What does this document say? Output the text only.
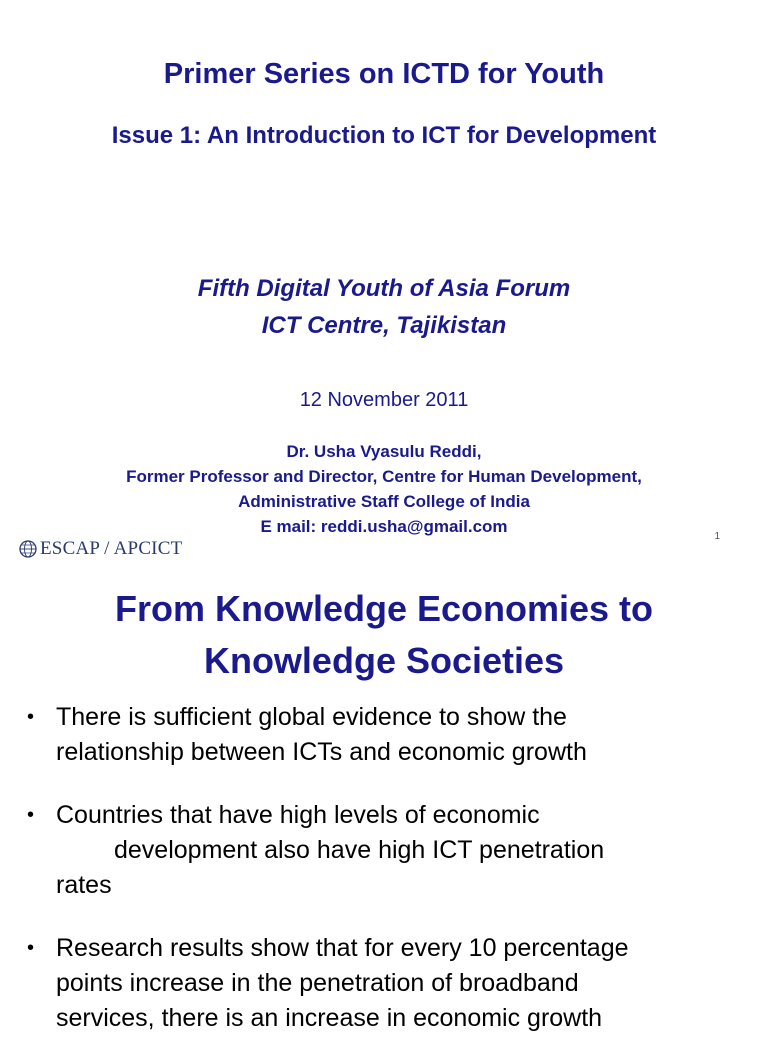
Primer Series on ICTD for Youth
Issue 1: An Introduction to ICT for Development
Fifth Digital Youth of Asia Forum
ICT Centre, Tajikistan
12 November 2011
Dr. Usha Vyasulu Reddi,
Former Professor and Director, Centre for Human Development,
Administrative Staff College of India
E mail: reddi.usha@gmail.com
ESCAP / APCICT
1
From Knowledge Economies to
Knowledge Societies
• There is sufficient global evidence to show the
relationship between ICTs and economic growth
• Countries that have high levels of economic
development also have high ICT penetration
rates
• Research results show that for every 10 percentage
points increase in the penetration of broadband
services, there is an increase in economic growth
